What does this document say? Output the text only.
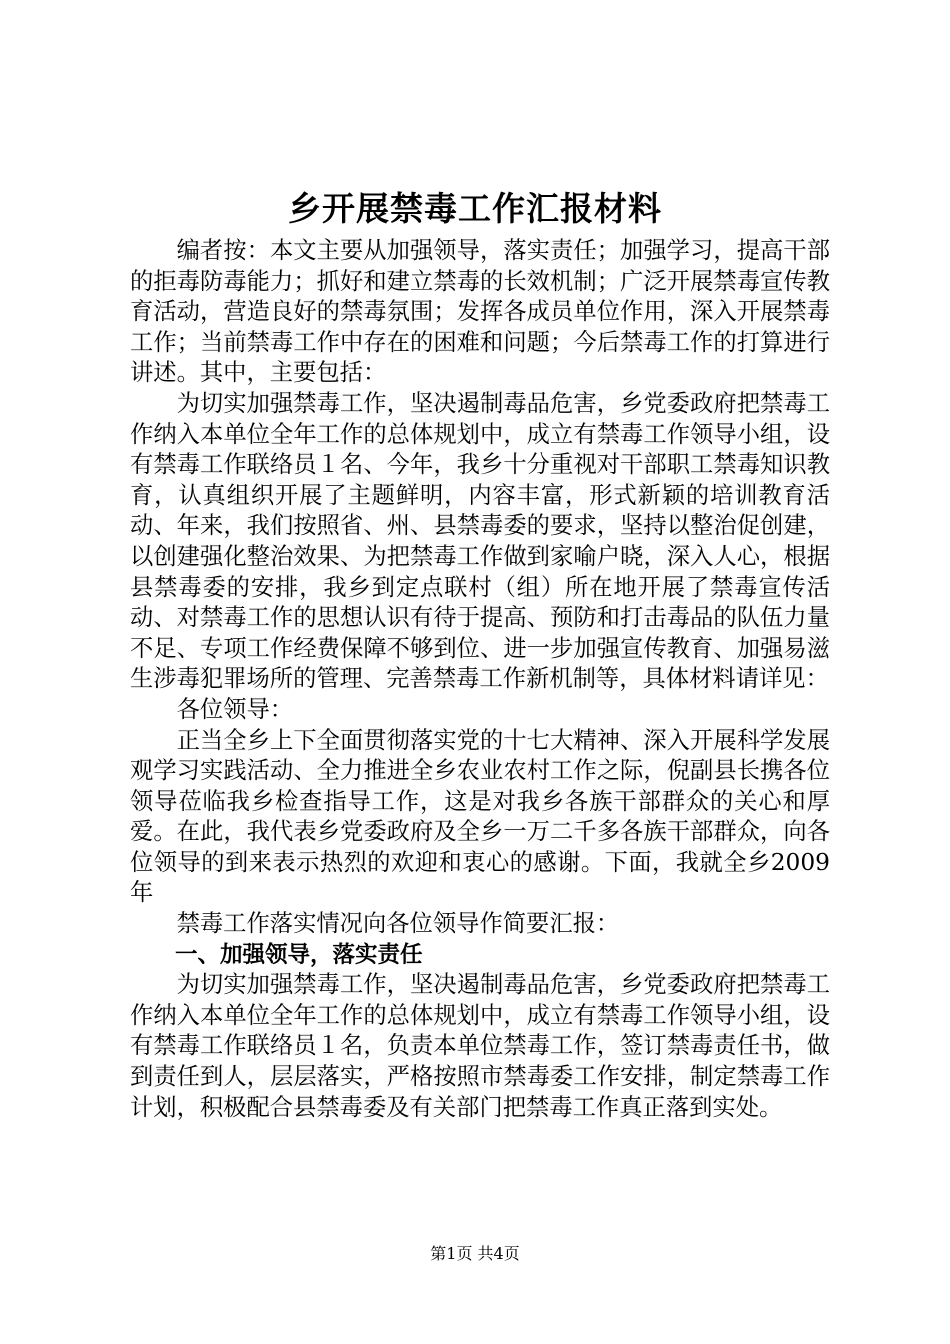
乡开展禁毒工作汇报材料

编者按：本文主要从加强领导，落实责任；加强学习，提高干部的拒毒防毒能力；抓好和建立禁毒的长效机制；广泛开展禁毒宣传教育活动，营造良好的禁毒氛围；发挥各成员单位作用，深入开展禁毒工作；当前禁毒工作中存在的困难和问题；今后禁毒工作的打算进行讲述。其中，主要包括：

为切实加强禁毒工作，坚决遏制毒品危害，乡党委政府把禁毒工作纳入本单位全年工作的总体规划中，成立有禁毒工作领导小组，设有禁毒工作联络员１名、今年，我乡十分重视对干部职工禁毒知识教育，认真组织开展了主题鲜明，内容丰富，形式新颖的培训教育活动、年来，我们按照省、州、县禁毒委的要求，坚持以整治促创建，以创建强化整治效果、为把禁毒工作做到家喻户晓，深入人心，根据县禁毒委的安排，我乡到定点联村（组）所在地开展了禁毒宣传活动、对禁毒工作的思想认识有待于提高、预防和打击毒品的队伍力量不足、专项工作经费保障不够到位、进一步加强宣传教育、加强易滋生涉毒犯罪场所的管理、完善禁毒工作新机制等，具体材料请详见：

各位领导：

正当全乡上下全面贯彻落实党的十七大精神、深入开展科学发展观学习实践活动、全力推进全乡农业农村工作之际，倪副县长携各位领导莅临我乡检查指导工作，这是对我乡各族干部群众的关心和厚爱。在此，我代表乡党委政府及全乡一万二千多各族干部群众，向各位领导的到来表示热烈的欢迎和衷心的感谢。下面，我就全乡2009年

禁毒工作落实情况向各位领导作简要汇报：

一、加强领导，落实责任

为切实加强禁毒工作，坚决遏制毒品危害，乡党委政府把禁毒工作纳入本单位全年工作的总体规划中，成立有禁毒工作领导小组，设有禁毒工作联络员１名，负责本单位禁毒工作，签订禁毒责任书，做到责任到人，层层落实，严格按照市禁毒委工作安排，制定禁毒工作计划，积极配合县禁毒委及有关部门把禁毒工作真正落到实处。

第1页 共4页
